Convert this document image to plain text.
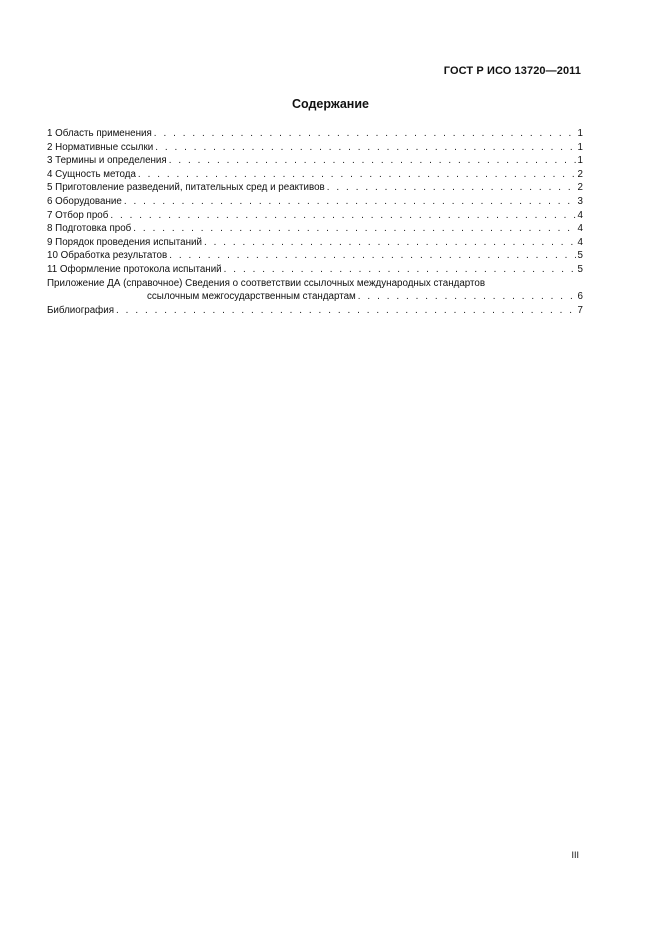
ГОСТ Р ИСО 13720—2011
Содержание
1 Область применения . . .	1
2 Нормативные ссылки . . .	1
3 Термины и определения . . .	1
4 Сущность метода . . .	2
5 Приготовление разведений, питательных сред и реактивов . . .	2
6 Оборудование . . .	3
7 Отбор проб . . .	4
8 Подготовка проб . . .	4
9 Порядок проведения испытаний . . .	4
10 Обработка результатов . . .	5
11 Оформление протокола испытаний . . .	5
Приложение ДА (справочное) Сведения о соответствии ссылочных международных стандартов
ссылочным межгосударственным стандартам . . .	6
Библиография . . .	7
III
